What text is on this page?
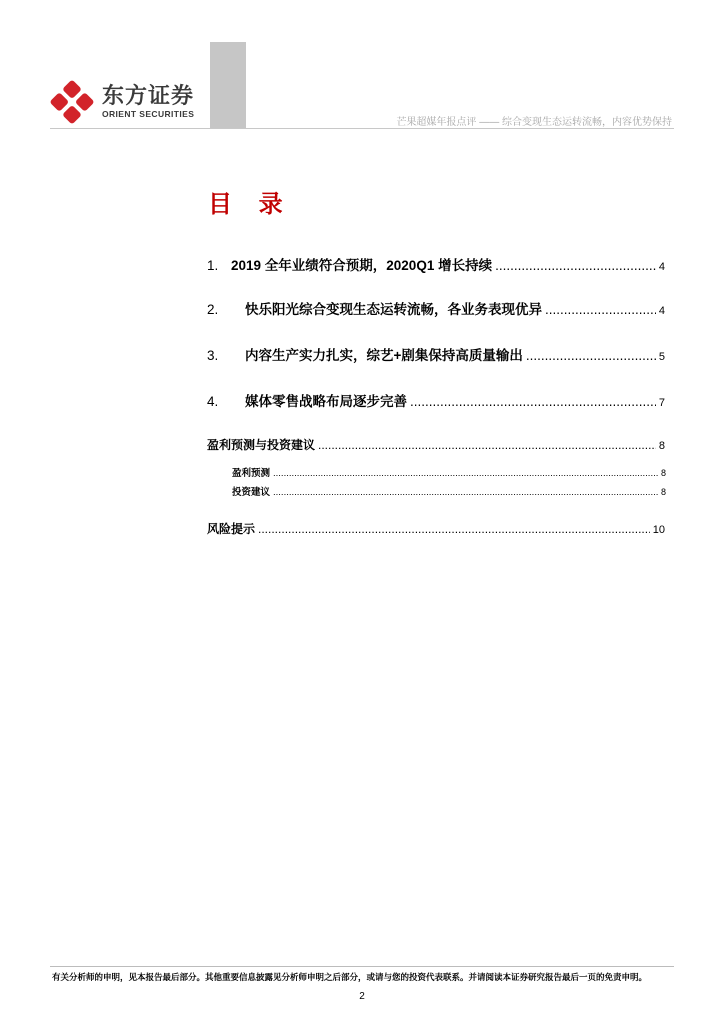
东方证券
ORIENT SECURITIES
芒果超媒年报点评 —— 综合变现生态运转流畅，内容优势保持
目 录
1. 2019 全年业绩符合预期，2020Q1 增长持续 .....	4
2.	快乐阳光综合变现生态运转流畅，各业务表现优异 .....	4
3.	内容生产实力扎实，综艺+剧集保持高质量输出 .....	5
4.	媒体零售战略布局逐步完善 .....	7
盈利预测与投资建议 .....	8
盈利预测 .....	8
投资建议 .....	8
风险提示 .....	10
有关分析师的申明，见本报告最后部分。其他重要信息披露见分析师申明之后部分，或请与您的投资代表联系。并请阅读本证券研究报告最后一页的免责申明。
2
